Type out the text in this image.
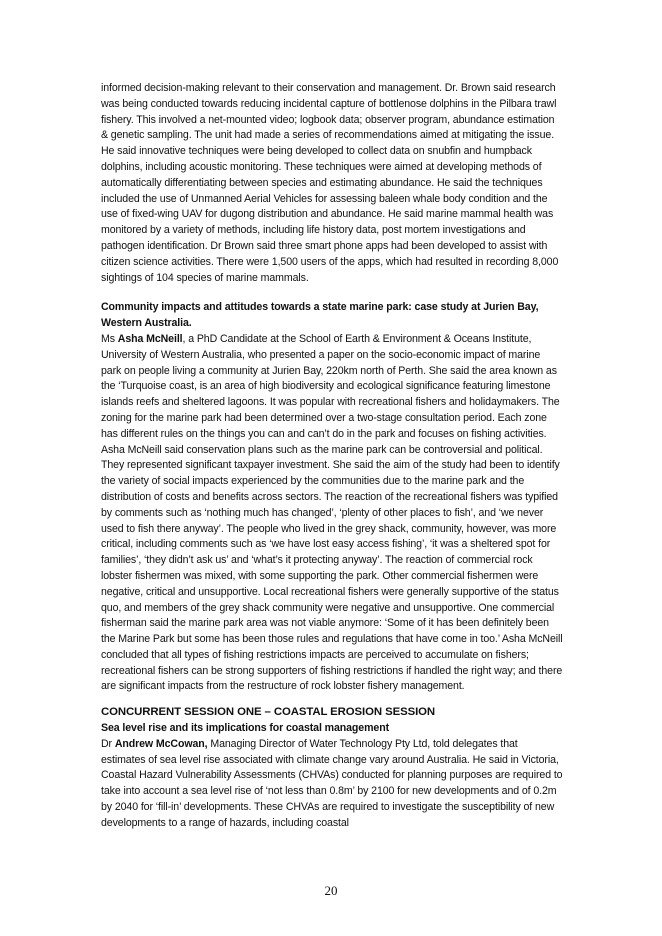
informed decision-making relevant to their conservation and management. Dr. Brown said research was being conducted towards reducing incidental capture of bottlenose dolphins in the Pilbara trawl fishery. This involved a net-mounted video; logbook data; observer program, abundance estimation & genetic sampling. The unit had made a series of recommendations aimed at mitigating the issue. He said innovative techniques were being developed to collect data on snubfin and humpback dolphins, including acoustic monitoring. These techniques were aimed at developing methods of automatically differentiating between species and estimating abundance. He said the techniques included the use of Unmanned Aerial Vehicles for assessing baleen whale body condition and the use of fixed-wing UAV for dugong distribution and abundance. He said marine mammal health was monitored by a variety of methods, including life history data, post mortem investigations and pathogen identification. Dr Brown said three smart phone apps had been developed to assist with citizen science activities. There were 1,500 users of the apps, which had resulted in recording 8,000 sightings of 104 species of marine mammals.

Community impacts and attitudes towards a state marine park: case study at Jurien Bay, Western Australia.

Ms Asha McNeill, a PhD Candidate at the School of Earth & Environment & Oceans Institute, University of Western Australia, who presented a paper on the socio-economic impact of marine park on people living a community at Jurien Bay, 220km north of Perth. She said the area known as the ‘Turquoise coast, is an area of high biodiversity and ecological significance featuring limestone islands reefs and sheltered lagoons. It was popular with recreational fishers and holidaymakers. The zoning for the marine park had been determined over a two-stage consultation period. Each zone has different rules on the things you can and can’t do in the park and focuses on fishing activities. Asha McNeill said conservation plans such as the marine park can be controversial and political. They represented significant taxpayer investment. She said the aim of the study had been to identify the variety of social impacts experienced by the communities due to the marine park and the distribution of costs and benefits across sectors. The reaction of the recreational fishers was typified by comments such as ‘nothing much has changed’, ‘plenty of other places to fish’, and ‘we never used to fish there anyway’. The people who lived in the grey shack, community, however, was more critical, including comments such as ‘we have lost easy access fishing’, ‘it was a sheltered spot for families’, ‘they didn’t ask us’ and ‘what’s it protecting anyway’. The reaction of commercial rock lobster fishermen was mixed, with some supporting the park. Other commercial fishermen were negative, critical and unsupportive. Local recreational fishers were generally supportive of the status quo, and members of the grey shack community were negative and unsupportive. One commercial fisherman said the marine park area was not viable anymore: ‘Some of it has been definitely been the Marine Park but some has been those rules and regulations that have come in too.’ Asha McNeill concluded that all types of fishing restrictions impacts are perceived to accumulate on fishers; recreational fishers can be strong supporters of fishing restrictions if handled the right way; and there are significant impacts from the restructure of rock lobster fishery management.

CONCURRENT SESSION ONE – COASTAL EROSION SESSION

Sea level rise and its implications for coastal management

Dr Andrew McCowan, Managing Director of Water Technology Pty Ltd, told delegates that estimates of sea level rise associated with climate change vary around Australia. He said in Victoria, Coastal Hazard Vulnerability Assessments (CHVAs) conducted for planning purposes are required to take into account a sea level rise of ‘not less than 0.8m’ by 2100 for new developments and of 0.2m by 2040 for ‘fill-in’ developments. These CHVAs are required to investigate the susceptibility of new developments to a range of hazards, including coastal

20
